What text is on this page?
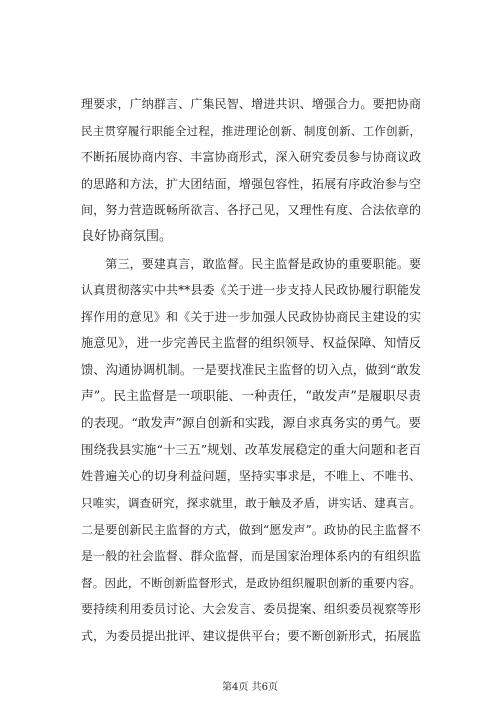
理要求，广纳群言、广集民智、增进共识、增强合力。要把协商
民主贯穿履行职能全过程，推进理论创新、制度创新、工作创新，
不断拓展协商内容、丰富协商形式，深入研究委员参与协商议政
的思路和方法，扩大团结面，增强包容性，拓展有序政治参与空
间，努力营造既畅所欲言、各抒己见，又理性有度、合法依章的
良好协商氛围。
　　第三，要建真言，敢监督。民主监督是政协的重要职能。要
认真贯彻落实中共**县委《关于进一步支持人民政协履行职能发
挥作用的意见》和《关于进一步加强人民政协协商民主建设的实
施意见》，进一步完善民主监督的组织领导、权益保障、知情反
馈、沟通协调机制。一是要找准民主监督的切入点，做到“敢发
声”。民主监督是一项职能、一种责任，“敢发声”是履职尽责
的表现。“敢发声”源自创新和实践，源自求真务实的勇气。要
围绕我县实施“十三五”规划、改革发展稳定的重大问题和老百
姓普遍关心的切身利益问题，坚持实事求是，不唯上、不唯书、
只唯实，调查研究，探求就里，敢于触及矛盾，讲实话、建真言。
二是要创新民主监督的方式，做到“愿发声”。政协的民主监督不
是一般的社会监督、群众监督，而是国家治理体系内的有组织监
督。因此，不断创新监督形式，是政协组织履职创新的重要内容。
要持续利用委员讨论、大会发言、委员提案、组织委员视察等形
式，为委员提出批评、建议提供平台；要不断创新形式，拓展监
第4页 共6页
